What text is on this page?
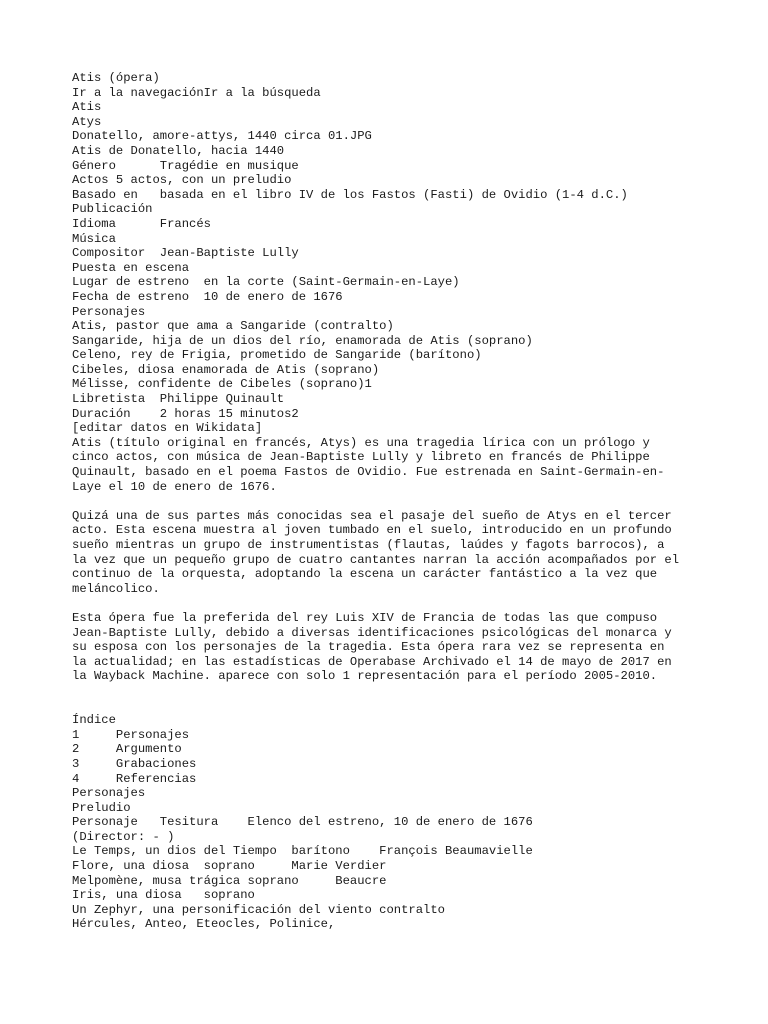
Atis (ópera)
Ir a la navegaciónIr a la búsqueda
Atis
Atys
Donatello, amore-attys, 1440 circa 01.JPG
Atis de Donatello, hacia 1440
Género      Tragédie en musique
Actos 5 actos, con un preludio
Basado en   basada en el libro IV de los Fastos (Fasti) de Ovidio (1-4 d.C.)
Publicación
Idioma      Francés
Música
Compositor  Jean-Baptiste Lully
Puesta en escena
Lugar de estreno  en la corte (Saint-Germain-en-Laye)
Fecha de estreno  10 de enero de 1676
Personajes
Atis, pastor que ama a Sangaride (contralto)
Sangaride, hija de un dios del río, enamorada de Atis (soprano)
Celeno, rey de Frigia, prometido de Sangaride (barítono)
Cibeles, diosa enamorada de Atis (soprano)
Mélisse, confidente de Cibeles (soprano)1
Libretista  Philippe Quinault
Duración    2 horas 15 minutos2
[editar datos en Wikidata]
Atis (título original en francés, Atys) es una tragedia lírica con un prólogo y
cinco actos, con música de Jean-Baptiste Lully y libreto en francés de Philippe
Quinault, basado en el poema Fastos de Ovidio. Fue estrenada en Saint-Germain-en-
Laye el 10 de enero de 1676.
Quizá una de sus partes más conocidas sea el pasaje del sueño de Atys en el tercer
acto. Esta escena muestra al joven tumbado en el suelo, introducido en un profundo
sueño mientras un grupo de instrumentistas (flautas, laúdes y fagots barrocos), a
la vez que un pequeño grupo de cuatro cantantes narran la acción acompañados por el
continuo de la orquesta, adoptando la escena un carácter fantástico a la vez que
meláncolico.
Esta ópera fue la preferida del rey Luis XIV de Francia de todas las que compuso
Jean-Baptiste Lully, debido a diversas identificaciones psicológicas del monarca y
su esposa con los personajes de la tragedia. Esta ópera rara vez se representa en
la actualidad; en las estadísticas de Operabase Archivado el 14 de mayo de 2017 en
la Wayback Machine. aparece con solo 1 representación para el período 2005-2010.
Índice
1     Personajes
2     Argumento
3     Grabaciones
4     Referencias
Personajes
Preludio
Personaje   Tesitura    Elenco del estreno, 10 de enero de 1676
(Director: - )
Le Temps, un dios del Tiempo  barítono    François Beaumavielle
Flore, una diosa  soprano     Marie Verdier
Melpomène, musa trágica soprano     Beaucre
Iris, una diosa   soprano
Un Zephyr, una personificación del viento contralto
Hércules, Anteo, Eteocles, Polinice,
